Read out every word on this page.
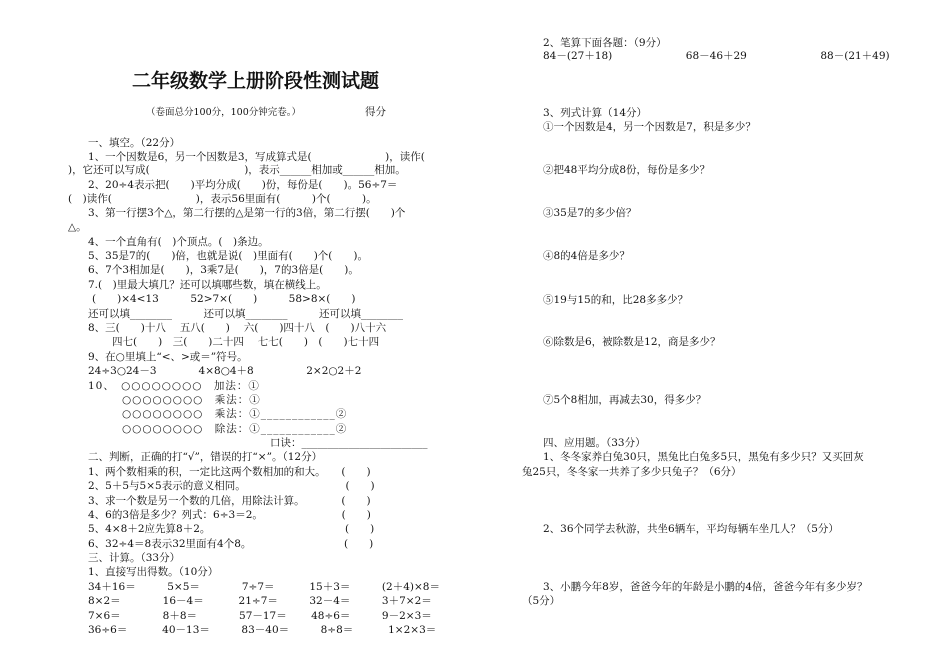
二年级数学上册阶段性测试题
（卷面总分100分，100分钟完卷。）	得分
一、填空。（22分）
1、一个因数是6，另一个因数是3，写成算式是(　　　　　　　)，读作(
)，它还可以写成(　　　　　　　　　)，表示______相加或______相加。
2、20÷4表示把(　　)平均分成(　　)份，每份是(　　)。56÷7＝
(　)读作(　　　　　　　　)，表示56里面有(　　　)个(　　　)。
3、第一行摆3个△，第二行摆的△是第一行的3倍，第二行摆(　　)个
△。
4、一个直角有(　)个顶点。(　)条边。
5、35是7的(　　)倍，也就是说(　)里面有(　　)个(　　)。
6、7个3相加是(　　)，3乘7是(　　)，7的3倍是(　　)。
7.(　)里最大填几？还可以填哪些数，填在横线上。
(　　)×4<13　　　52>7×(　　)　　　58>8×(　　)
还可以填________　　　还可以填________　　　还可以填________
8、三(　　)十八　 五八(　　)　 六(　　)四十八　(　　)八十六
四七(　　)　三(　　)二十四　 七七(　　)　(　　)七十四
9、在○里填上“<、>或＝”符号。
24÷3○24－3　　　　4×8○4＋8　　　　　2×2○2＋2
10、　○○○○○○○○　加法：①
○○○○○○○○　乘法：①
○○○○○○○○　乘法：①____________②
○○○○○○○○　除法：①____________②
口诀：________________________
二、判断，正确的打“√”，错误的打“×”。（12分）
1、两个数相乘的积，一定比这两个数相加的和大。　　(　　)
2、5＋5与5×5表示的意义相同。　　　　　　　　　　(　　)
3、求一个数是另一个数的几倍，用除法计算。　　　　(　　)
4、6的3倍是多少？列式：6÷3＝2。　　　　　　　　(　　)
5、4×8＋2应先算8＋2。　　　　　　　　　　　　　 (　　)
6、32÷4＝8表示32里面有4个8。　　　　　　　　　 (　　)
三、计算。（33分）
1、直接写出得数。（10分）
34＋16＝　　　5×5＝　　　　7÷7＝　　　 15＋3＝　　　(2＋4)×8＝
8×2＝　　　　16－4＝　　　 21÷7＝　　　32－4＝　　　3＋7×2＝
7×6＝　　　　8＋8＝　　　　57－17＝　　 48÷6＝　　　9－2×3＝
36÷6＝　　　 40－13＝　　　83－40＝　　　8÷8＝　　　 1×2×3＝
2、笔算下面各题：（9分）
84－(27＋18)　　　　　　　68－46＋29　　　　　　　88－(21＋49)
3、列式计算（14分）
①一个因数是4，另一个因数是7，积是多少？
②把48平均分成8份，每份是多少？
③35是7的多少倍？
④8的4倍是多少？
⑤19与15的和，比28多多少？
⑥除数是6，被除数是12，商是多少？
⑦5个8相加，再减去30，得多少？
四、应用题。（33分）
1、冬冬家养白兔30只，黑兔比白兔多5只，黑兔有多少只？又买回灰
兔25只，冬冬家一共养了多少只兔子？（6分）
2、36个同学去秋游，共坐6辆车，平均每辆车坐几人？（5分）
3、小鹏今年8岁，爸爸今年的年龄是小鹏的4倍，爸爸今年有多少岁？
（5分）
